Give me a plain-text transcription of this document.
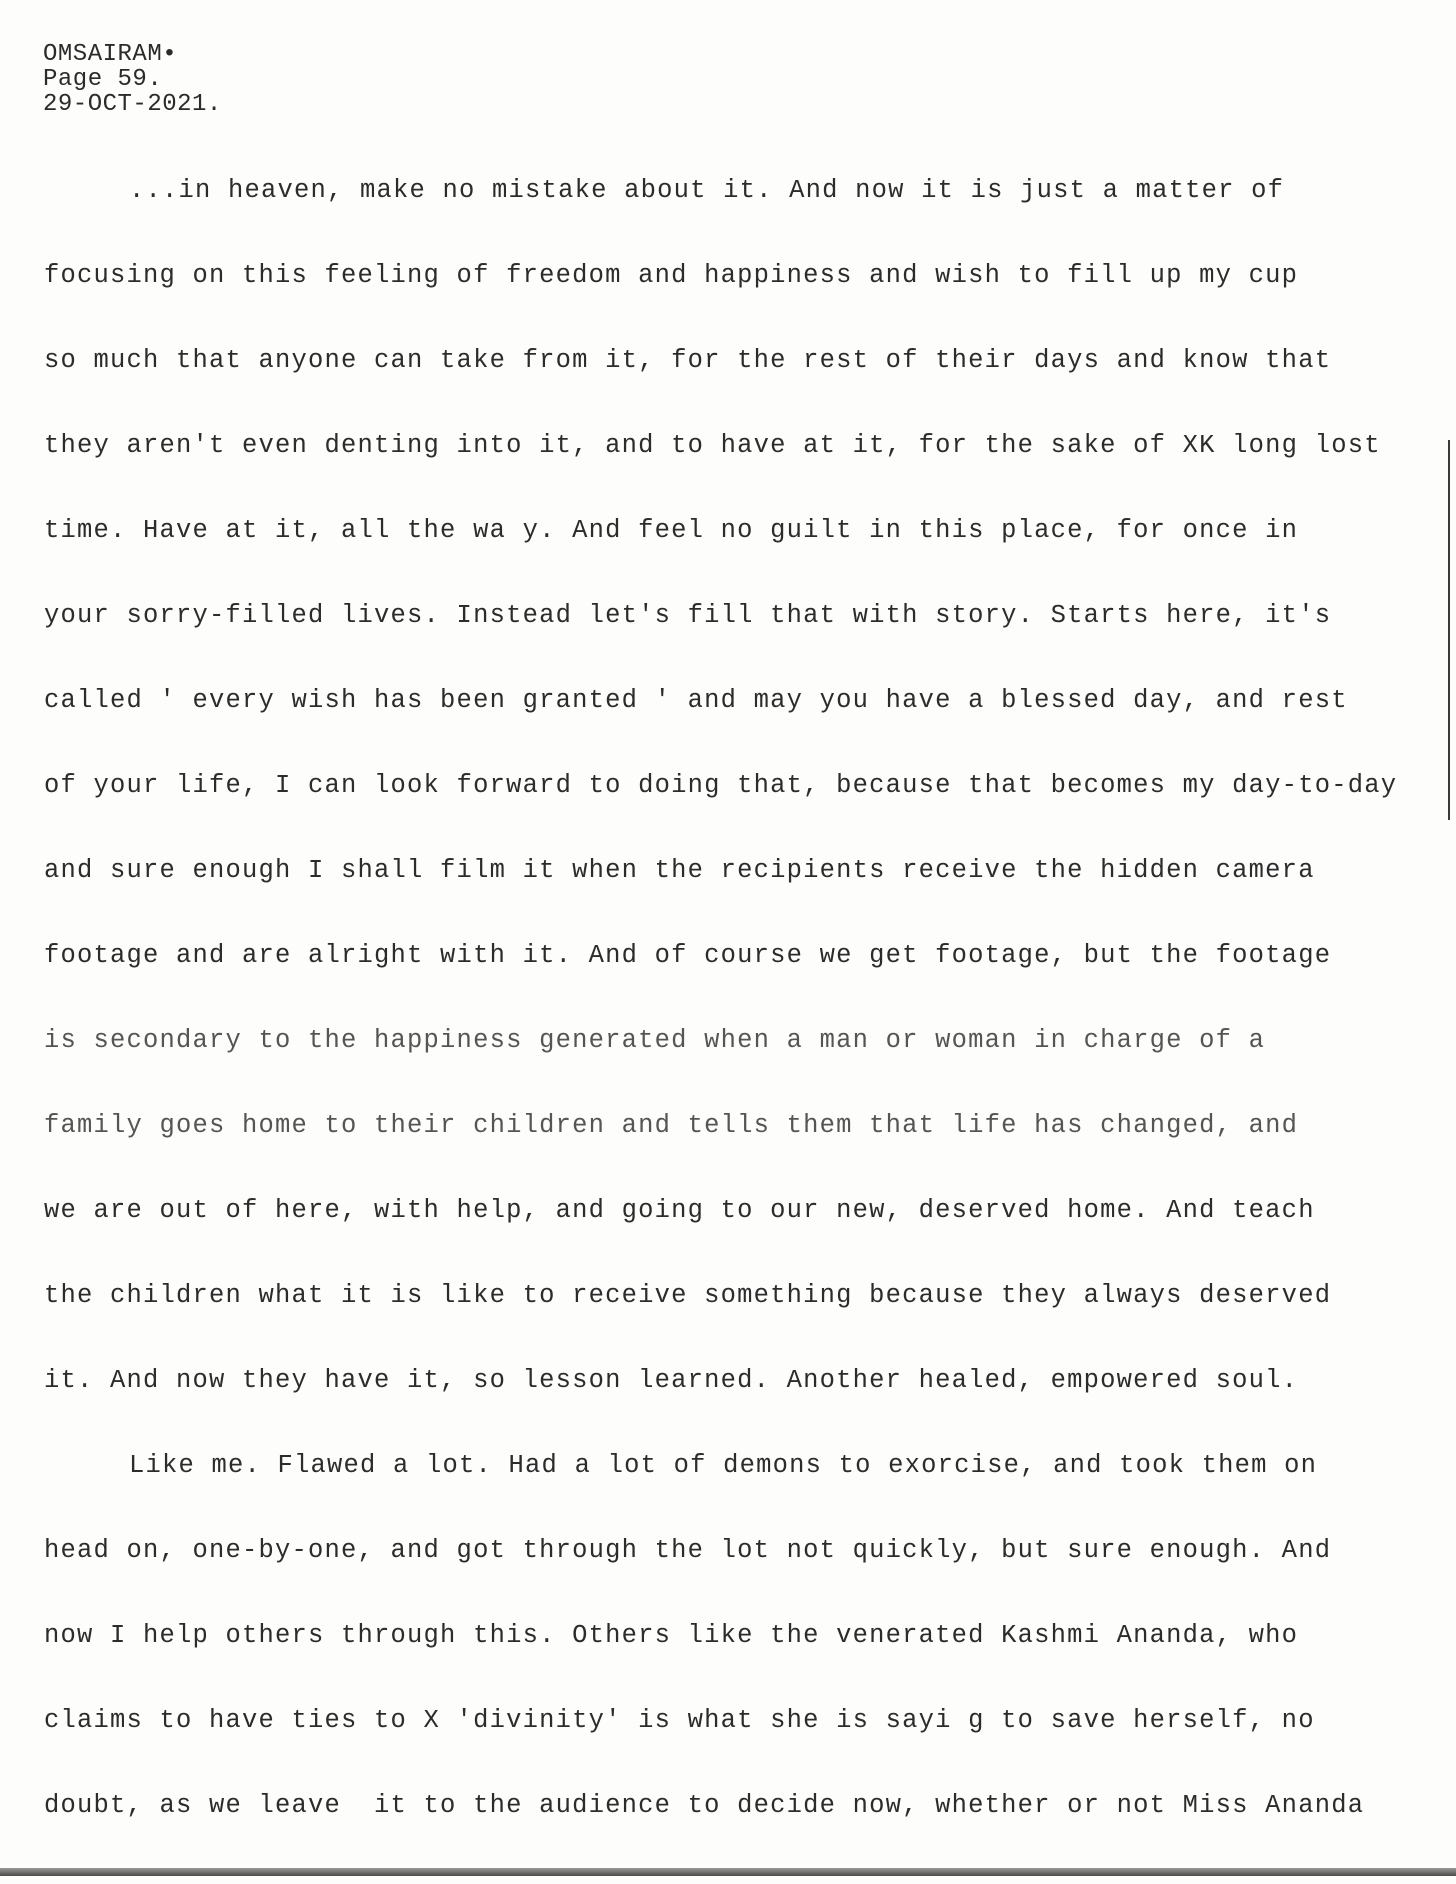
OMSAIRAM•
Page 59.
29-OCT-2021.
...in heaven, make no mistake about it. And now it is just a matter of
focusing on this feeling of freedom and happiness and wish to fill up my cup
so much that anyone can take from it, for the rest of their days and know that
they aren't even denting into it, and to have at it, for the sake of XK long lost
time. Have at it, all the wa y. And feel no guilt in this place, for once in
your sorry-filled lives. Instead let's fill that with story. Starts here, it's
called ' every wish has been granted ' and may you have a blessed day, and rest
of your life, I can look forward to doing that, because that becomes my day-to-day
and sure enough I shall film it when the recipients receive the hidden camera
footage and are alright with it. And of course we get footage, but the footage
is secondary to the happiness generated when a man or woman in charge of a
family goes home to their children and tells them that life has changed, and
we are out of here, with help, and going to our new, deserved home. And teach
the children what it is like to receive something because they always deserved
it. And now they have it, so lesson learned. Another healed, empowered soul.
Like me. Flawed a lot. Had a lot of demons to exorcise, and took them on
head on, one-by-one, and got through the lot not quickly, but sure enough. And
now I help others through this. Others like the venerated Kashmi Ananda, who
claims to have ties to X 'divinity' is what she is sayi g to save herself, no
doubt, as we leave  it to the audience to decide now, whether or not Miss Ananda
